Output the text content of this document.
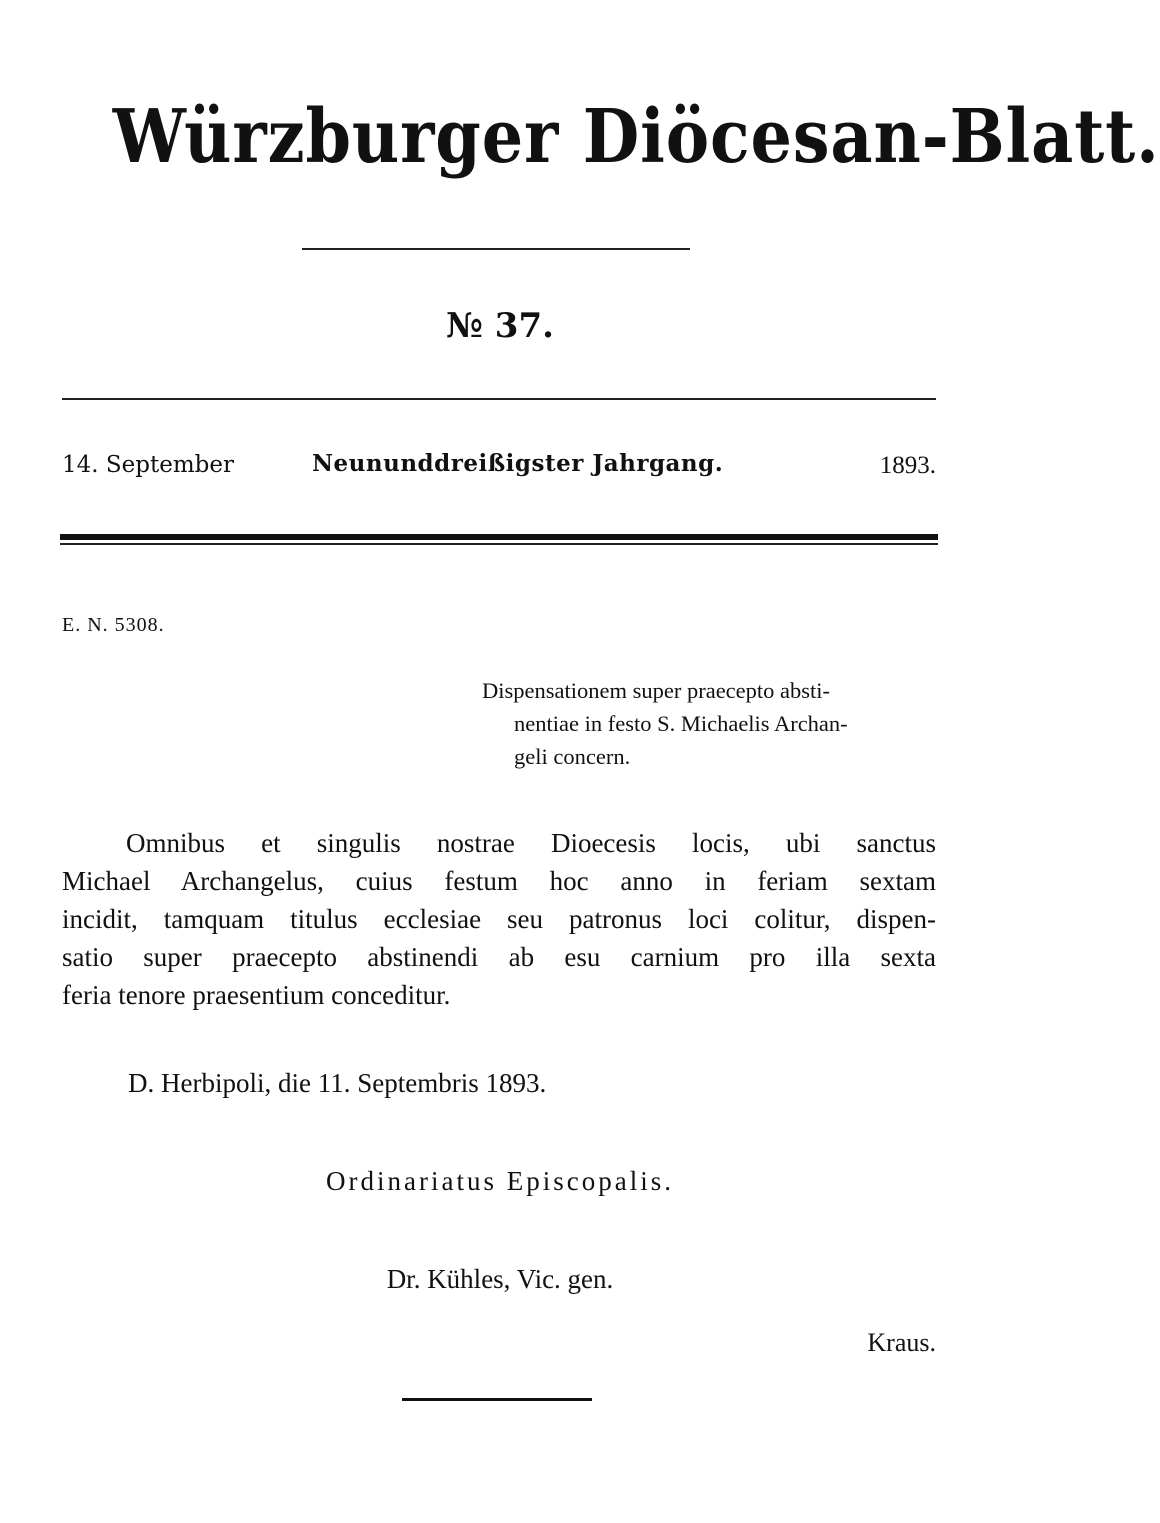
Würzburger Diöcesan-Blatt.
№ 37.
14. September	Neununddreißigster Jahrgang.	1893.
E. N. 5308.
Dispensationem super praecepto absti-
nentiae in festo S. Michaelis Archan-
geli concern.
Omnibus et singulis nostrae Dioecesis locis, ubi sanctus
Michael Archangelus, cuius festum hoc anno in feriam sextam
incidit, tamquam titulus ecclesiae seu patronus loci colitur, dispen-
satio super praecepto abstinendi ab esu carnium pro illa sexta
feria tenore praesentium conceditur.
D. Herbipoli, die 11. Septembris 1893.
Ordinariatus Episcopalis.
Dr. Kühles, Vic. gen.
Kraus.
